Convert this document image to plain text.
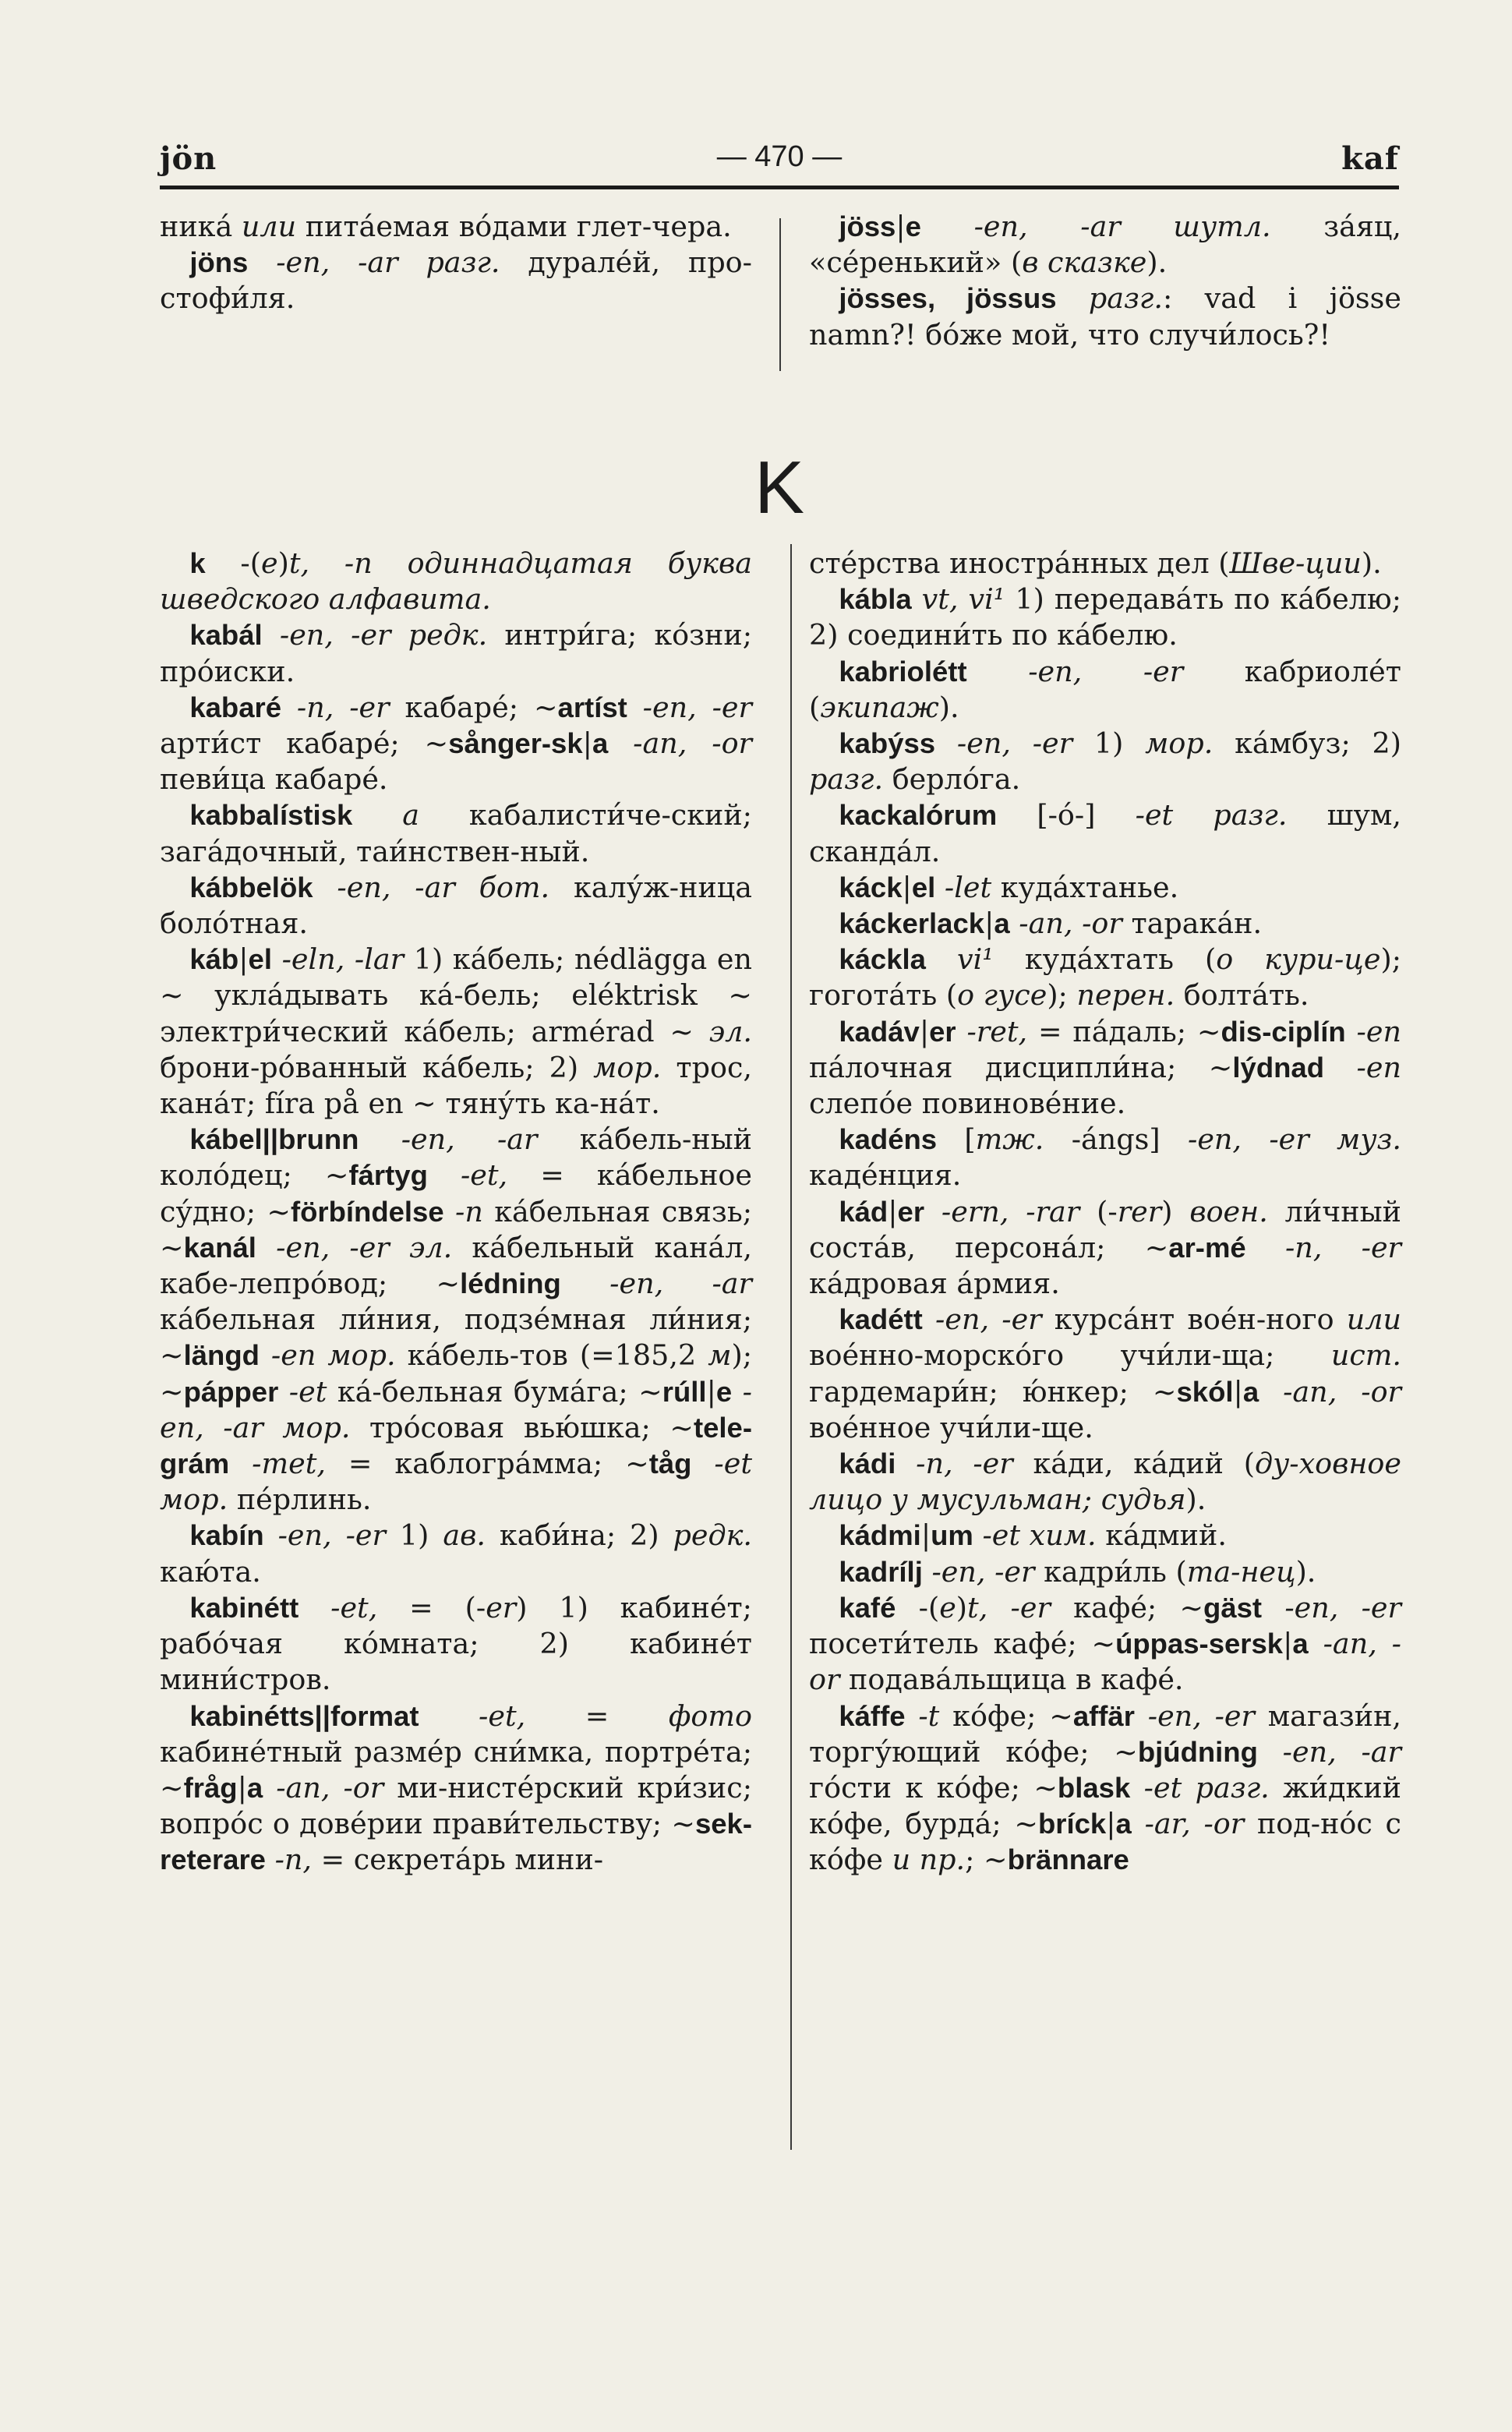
jön	— 470 —	kaf

ника́ или пита́емая во́дами глет-чера.

jöns -en, -ar разг. дурале́й, про-стофи́ля.

jöss|e -en, -ar шутл. за́яц, «се́ренький» (в сказке).

jösses, jössus разг.: vad i jösse namn?! бо́же мой, что случи́лось?!

K

k -(e)t, -n одиннадцатая буква шведского алфавита.

kabál -en, -er редк. интри́га; ко́зни; про́иски.

kabaré -n, -er кабаре́; ~artíst -en, -er арти́ст кабаре́; ~sånger-sk|a -an, -or певи́ца кабаре́.

kabbalístisk a кабалисти́че-ский; зага́дочный, таи́нствен-ный.

kábbelök -en, -ar бот. калу́ж-ница боло́тная.

káb|el -eln, -lar 1) ка́бель; nédlägga en ~ укла́дывать ка́-бель; eléktrisk ~ электри́ческий ка́бель; armérad ~ эл. брони-ро́ванный ка́бель; 2) мор. трос, кана́т; fíra på en ~ тяну́ть ка-на́т.

kábel||brunn -en, -ar ка́бель-ный коло́дец; ~fártyg -et, = ка́бельное су́дно; ~förbíndelse -n ка́бельная связь; ~kanál -en, -er эл. ка́бельный кана́л, кабе-лепро́вод; ~lédning -en, -ar ка́бельная ли́ния, подзе́мная ли́ния; ~längd -en мор. ка́бель-тов (=185,2 м); ~pápper -et ка́-бельная бума́га; ~rúll|e -en, -ar мор. тро́совая вью́шка; ~tele-grám -met, = каблогра́мма; ~tåg -et мор. пе́рлинь.

kabín -en, -er 1) ав. каби́на; 2) редк. каю́та.

kabinétt -et, = (-er) 1) кабине́т; рабо́чая ко́мната; 2) кабине́т мини́стров.

kabinétts||format -et, = фото кабине́тный разме́р сни́мка, портре́та; ~fråg|a -an, -or ми-нисте́рский кри́зис; вопро́с о дове́рии прави́тельству; ~sek-reterare -n, = секрета́рь мини-

сте́рства иностра́нных дел (Шве-ции).

kábla vt, vi¹ 1) передава́ть по ка́белю; 2) соедини́ть по ка́белю.

kabriolétt -en, -er кабриоле́т (экипаж).

kabýss -en, -er 1) мор. ка́мбуз; 2) разг. берло́га.

kackalórum [-ó-] -et разг. шум, сканда́л.

káck|el -let куда́хтанье.

káckerlack|a -an, -or тарака́н.

káckla vi¹ куда́хтать (о кури-це); гогота́ть (о гусе); перен. болта́ть.

kadáv|er -ret, = па́даль; ~dis-ciplín -en па́лочная дисципли́на; ~lýdnad -en слепо́е повинове́ние.

kadéns [тж. -ángs] -en, -er муз. каде́нция.

kád|er -ern, -rar (-rer) воен. ли́чный соста́в, персона́л; ~ar-mé -n, -er ка́дровая а́рмия.

kadétt -en, -er курса́нт вое́н-ного или вое́нно-морско́го учи́ли-ща; ист. гардемари́н; ю́нкер; ~skól|a -an, -or вое́нное учи́ли-ще.

kádi -n, -er ка́ди, ка́дий (ду-ховное лицо у мусульман; судья).

kádmi|um -et хим. ка́дмий.

kadrílj -en, -er кадри́ль (та-нец).

kafé -(e)t, -er кафе́; ~gäst -en, -er посети́тель кафе́; ~úppas-sersk|a -an, -or подава́льщица в кафе́.

káffe -t ко́фе; ~affär -en, -er магази́н, торгу́ющий ко́фе; ~bjúdning -en, -ar го́сти к ко́фе; ~blask -et разг. жи́дкий ко́фе, бурда́; ~bríck|a -ar, -or под-но́с с ко́фе и пр.; ~brännare
